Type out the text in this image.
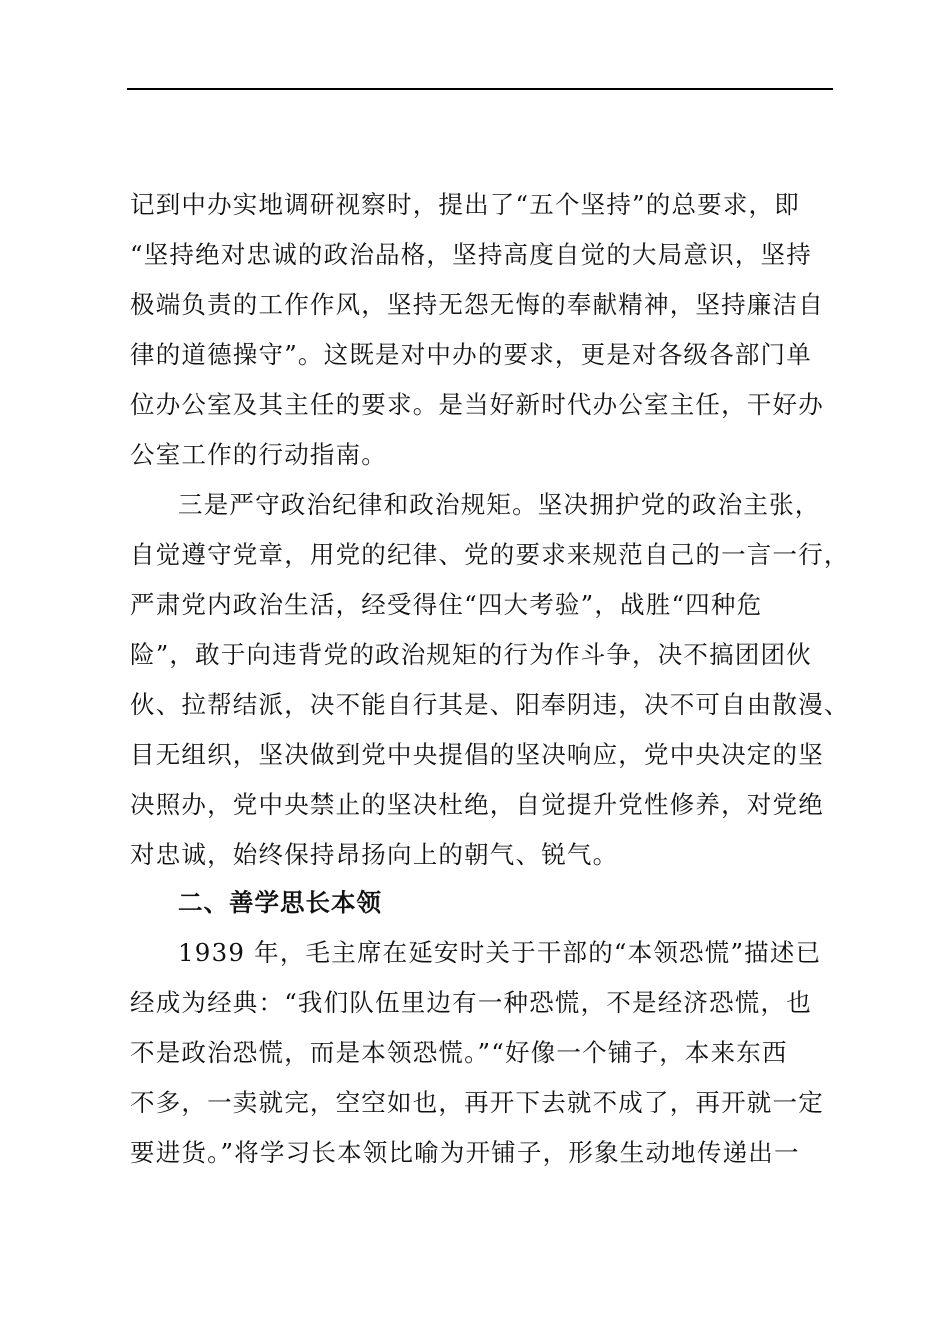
记到中办实地调研视察时，提出了“五个坚持”的总要求，即
“坚持绝对忠诚的政治品格，坚持高度自觉的大局意识，坚持
极端负责的工作作风，坚持无怨无悔的奉献精神，坚持廉洁自
律的道德操守”。这既是对中办的要求，更是对各级各部门单
位办公室及其主任的要求。是当好新时代办公室主任，干好办
公室工作的行动指南。
三是严守政治纪律和政治规矩。坚决拥护党的政治主张，
自觉遵守党章，用党的纪律、党的要求来规范自己的一言一行，
严肃党内政治生活，经受得住“四大考验”，战胜“四种危
险”，敢于向违背党的政治规矩的行为作斗争，决不搞团团伙
伙、拉帮结派，决不能自行其是、阳奉阴违，决不可自由散漫、
目无组织，坚决做到党中央提倡的坚决响应，党中央决定的坚
决照办，党中央禁止的坚决杜绝，自觉提升党性修养，对党绝
对忠诚，始终保持昂扬向上的朝气、锐气。
二、善学思长本领
1939 年，毛主席在延安时关于干部的“本领恐慌”描述已
经成为经典：“我们队伍里边有一种恐慌，不是经济恐慌，也
不是政治恐慌，而是本领恐慌。”“好像一个铺子，本来东西
不多，一卖就完，空空如也，再开下去就不成了，再开就一定
要进货。”将学习长本领比喻为开铺子，形象生动地传递出一
